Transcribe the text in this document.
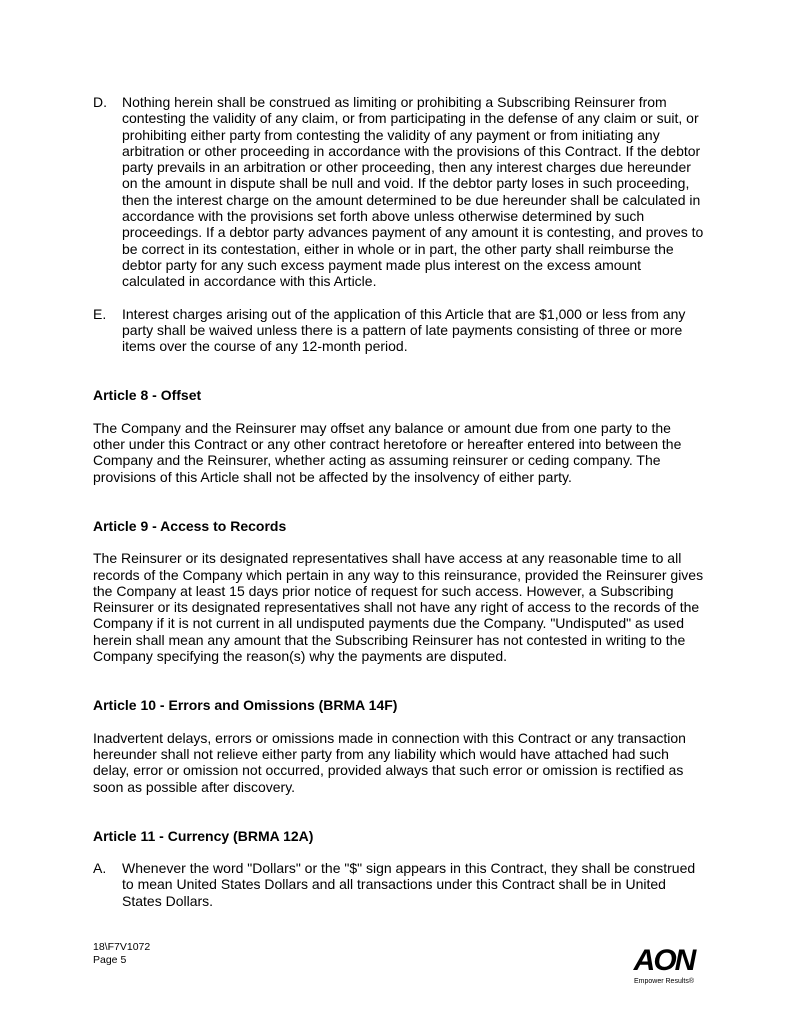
D.	Nothing herein shall be construed as limiting or prohibiting a Subscribing Reinsurer from contesting the validity of any claim, or from participating in the defense of any claim or suit, or prohibiting either party from contesting the validity of any payment or from initiating any arbitration or other proceeding in accordance with the provisions of this Contract. If the debtor party prevails in an arbitration or other proceeding, then any interest charges due hereunder on the amount in dispute shall be null and void. If the debtor party loses in such proceeding, then the interest charge on the amount determined to be due hereunder shall be calculated in accordance with the provisions set forth above unless otherwise determined by such proceedings. If a debtor party advances payment of any amount it is contesting, and proves to be correct in its contestation, either in whole or in part, the other party shall reimburse the debtor party for any such excess payment made plus interest on the excess amount calculated in accordance with this Article.
E.	Interest charges arising out of the application of this Article that are $1,000 or less from any party shall be waived unless there is a pattern of late payments consisting of three or more items over the course of any 12-month period.
Article 8 - Offset

The Company and the Reinsurer may offset any balance or amount due from one party to the other under this Contract or any other contract heretofore or hereafter entered into between the Company and the Reinsurer, whether acting as assuming reinsurer or ceding company. The provisions of this Article shall not be affected by the insolvency of either party.

Article 9 - Access to Records

The Reinsurer or its designated representatives shall have access at any reasonable time to all records of the Company which pertain in any way to this reinsurance, provided the Reinsurer gives the Company at least 15 days prior notice of request for such access. However, a Subscribing Reinsurer or its designated representatives shall not have any right of access to the records of the Company if it is not current in all undisputed payments due the Company. "Undisputed" as used herein shall mean any amount that the Subscribing Reinsurer has not contested in writing to the Company specifying the reason(s) why the payments are disputed.

Article 10 - Errors and Omissions (BRMA 14F)

Inadvertent delays, errors or omissions made in connection with this Contract or any transaction hereunder shall not relieve either party from any liability which would have attached had such delay, error or omission not occurred, provided always that such error or omission is rectified as soon as possible after discovery.

Article 11 - Currency (BRMA 12A)
A.	Whenever the word "Dollars" or the "$" sign appears in this Contract, they shall be construed to mean United States Dollars and all transactions under this Contract shall be in United States Dollars.
18\F7V1072
Page 5	AON
Empower Results®
